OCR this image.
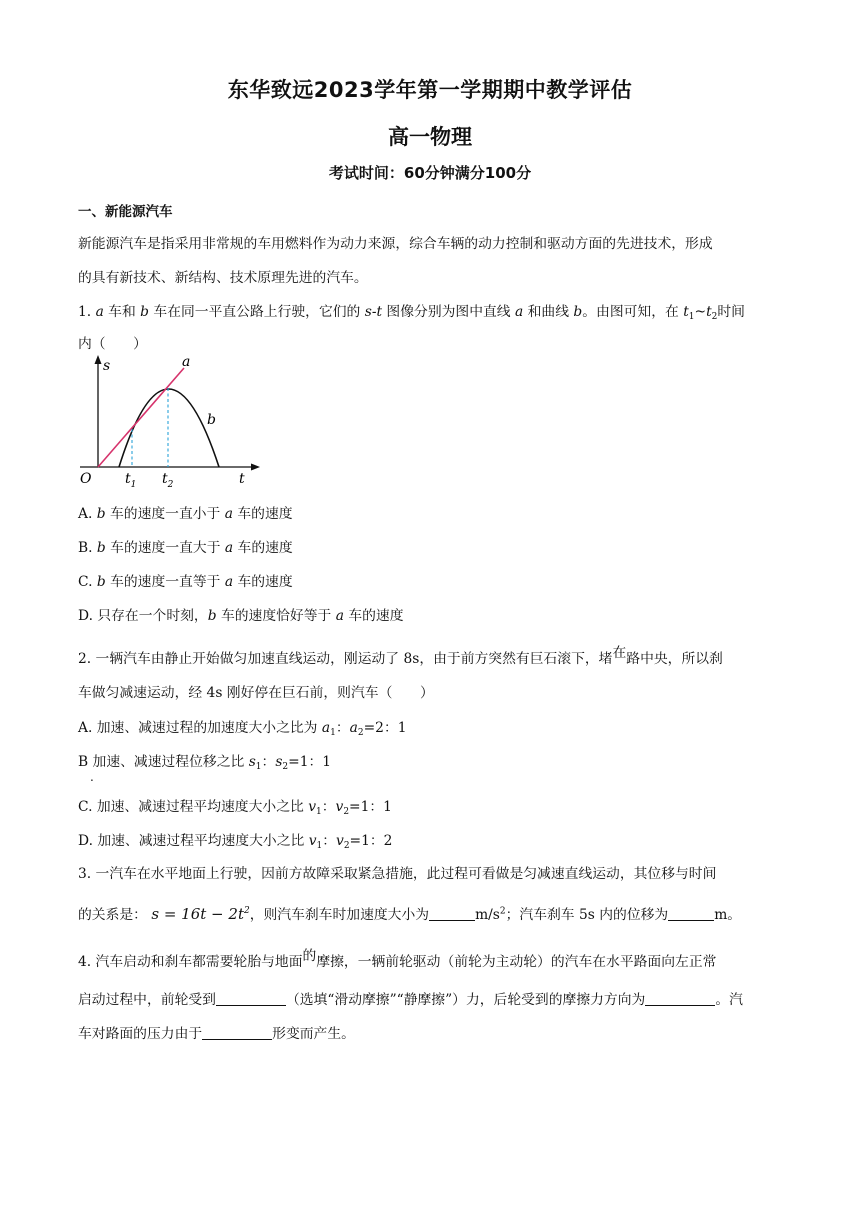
东华致远2023学年第一学期期中教学评估
高一物理
考试时间：60分钟满分100分
一、新能源汽车
新能源汽车是指采用非常规的车用燃料作为动力来源，综合车辆的动力控制和驱动方面的先进技术，形成
的具有新技术、新结构、技术原理先进的汽车。
1. a 车和 b 车在同一平直公路上行驶，它们的 s-t 图像分别为图中直线 a 和曲线 b。由图可知，在 $t_1\sim t_2$时间
内（　　）
s	a
b
O $t_1$ $t_2$	t
A. b 车的速度一直小于 a 车的速度
B. b 车的速度一直大于 a 车的速度
C. b 车的速度一直等于 a 车的速度
D. 只存在一个时刻，b 车的速度恰好等于 a 车的速度
2. 一辆汽车由静止开始做匀加速直线运动，刚运动了 8s，由于前方突然有巨石滚下，堵在路中央，所以刹
车做匀减速运动，经 4s 刚好停在巨石前，则汽车（　　）
A. 加速、减速过程的加速度大小之比为 $a_1$：$a_2=2$：1
B 加速、减速过程位移之比 $s_1$：$s_2=1$：1
.
C. 加速、减速过程平均速度大小之比 $v_1$：$v_2=1$：1
D. 加速、减速过程平均速度大小之比 $v_1$：$v_2=1$：2
3. 一汽车在水平地面上行驶，因前方故障采取紧急措施，此过程可看做是匀减速直线运动，其位移与时间
的关系是： $s = 16t - 2t^2$，则汽车刹车时加速度大小为	$m/s^2$；汽车刹车 5s 内的位移为	m。
4. 汽车启动和刹车都需要轮胎与地面的摩擦，一辆前轮驱动（前轮为主动轮）的汽车在水平路面向左正常
启动过程中，前轮受到	（选填“滑动摩擦”“静摩擦”）力，后轮受到的摩擦力方向为	。汽
车对路面的压力由于	形变而产生。
